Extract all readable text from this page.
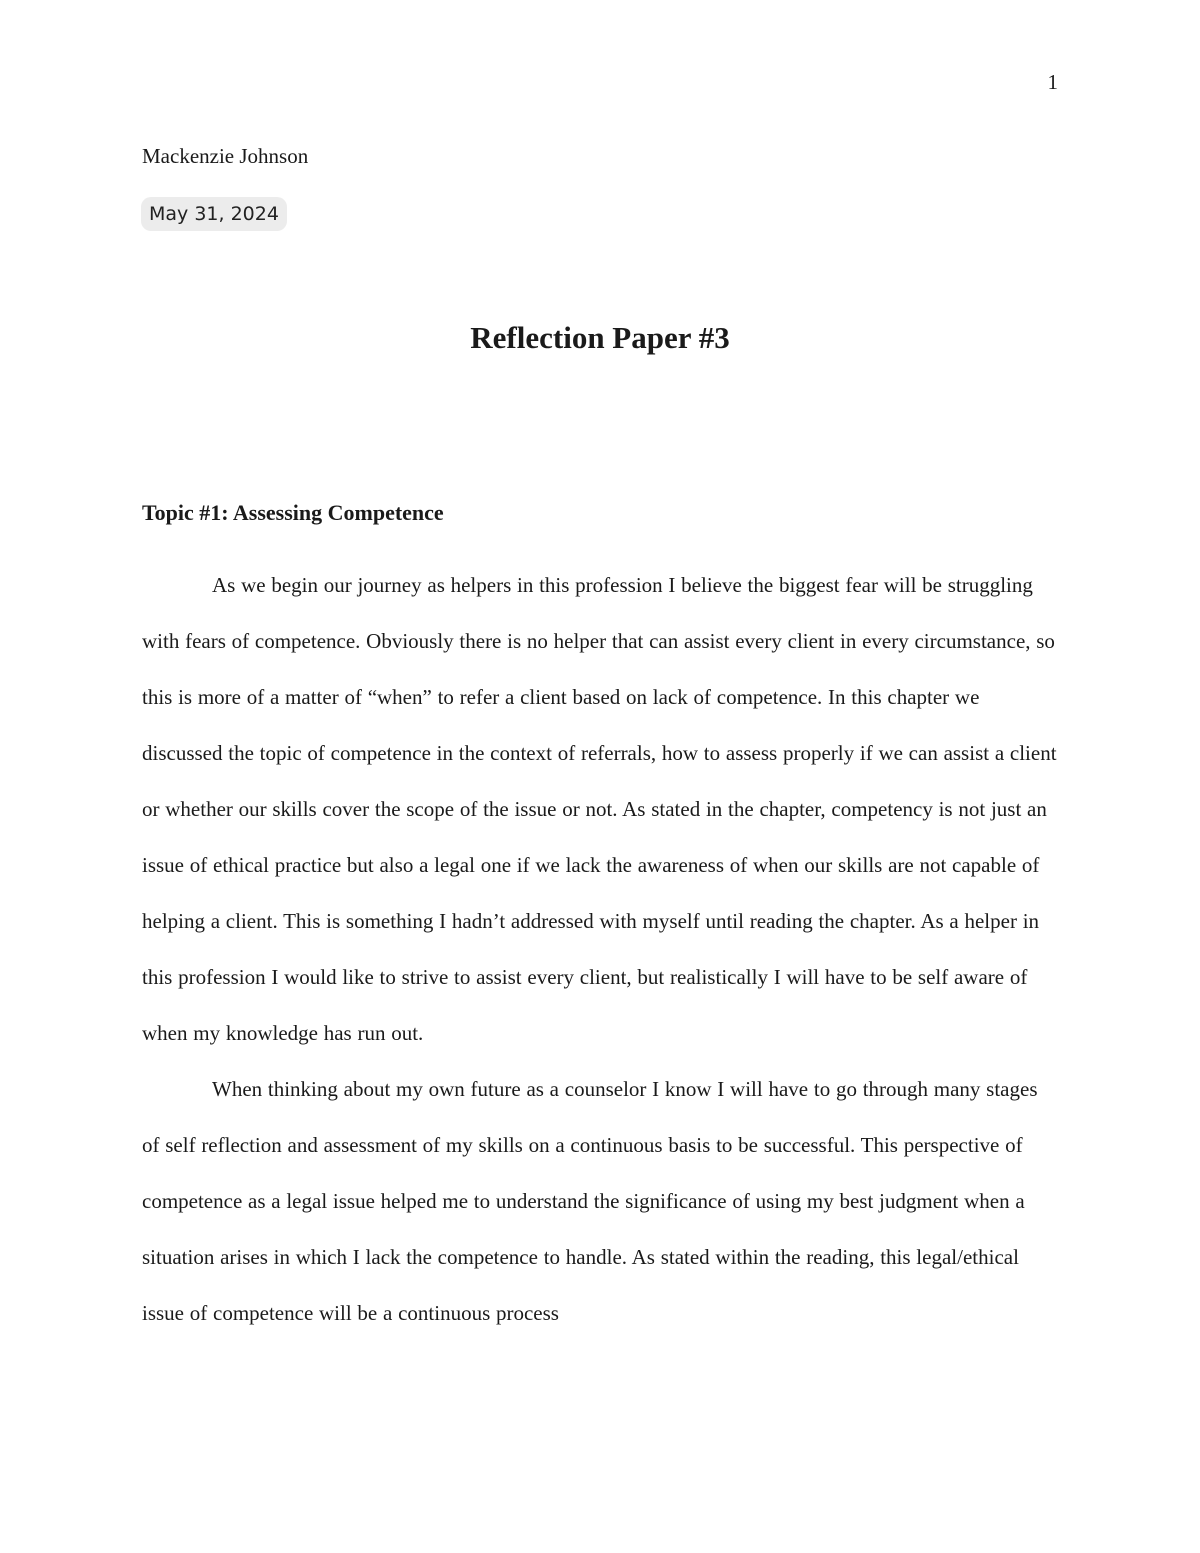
1
Mackenzie Johnson
May 31, 2024
Reflection Paper #3
Topic #1: Assessing Competence

As we begin our journey as helpers in this profession I believe the biggest fear will be struggling with fears of competence. Obviously there is no helper that can assist every client in every circumstance, so this is more of a matter of “when” to refer a client based on lack of competence. In this chapter we discussed the topic of competence in the context of referrals, how to assess properly if we can assist a client or whether our skills cover the scope of the issue or not. As stated in the chapter, competency is not just an issue of ethical practice but also a legal one if we lack the awareness of when our skills are not capable of helping a client. This is something I hadn’t addressed with myself until reading the chapter. As a helper in this profession I would like to strive to assist every client, but realistically I will have to be self aware of when my knowledge has run out.

When thinking about my own future as a counselor I know I will have to go through many stages of self reflection and assessment of my skills on a continuous basis to be successful. This perspective of competence as a legal issue helped me to understand the significance of using my best judgment when a situation arises in which I lack the competence to handle. As stated within the reading, this legal/ethical issue of competence will be a continuous process
